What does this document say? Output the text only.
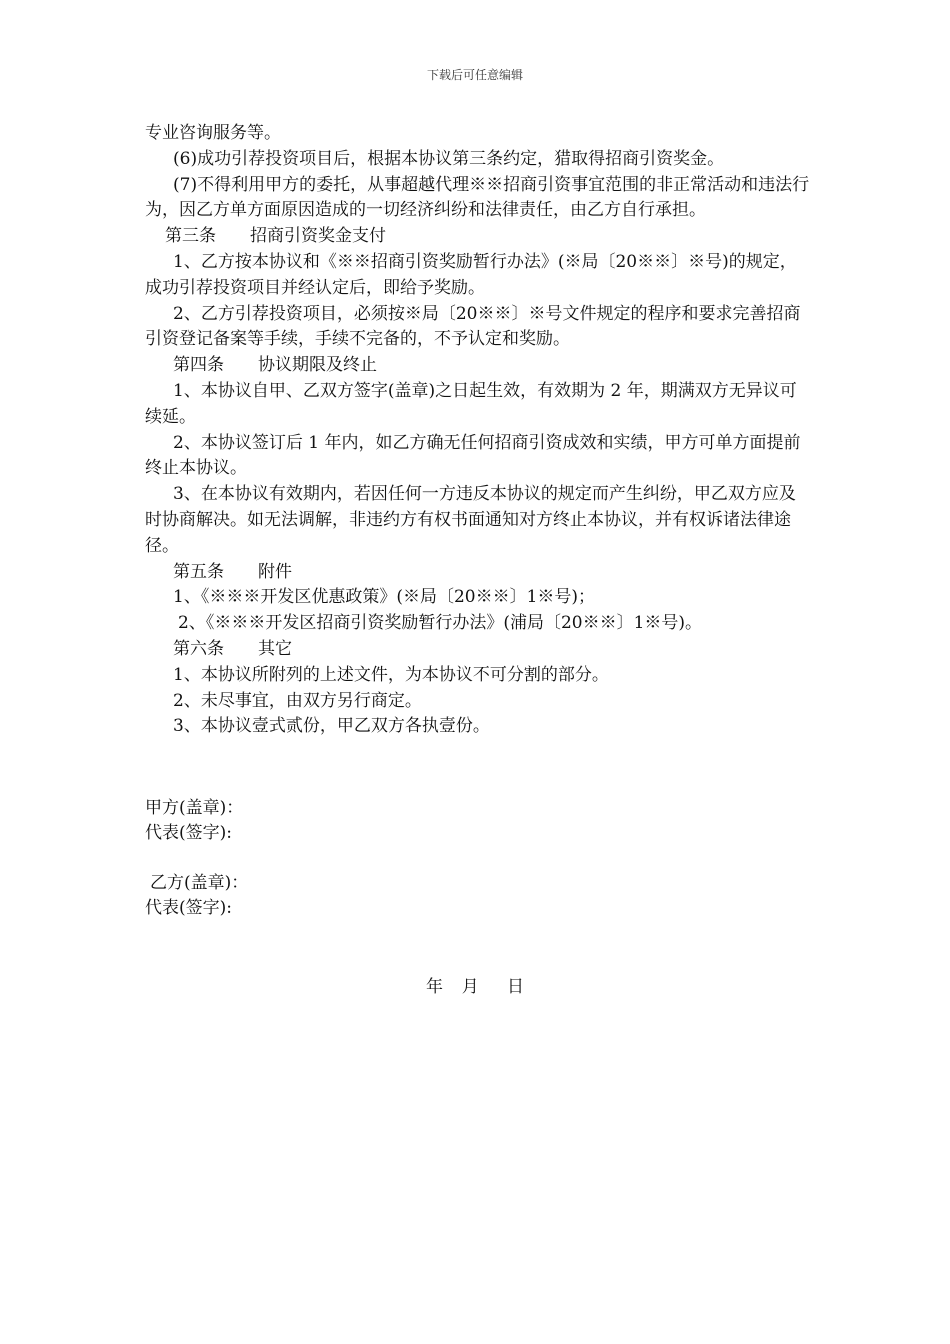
下载后可任意编辑

专业咨询服务等。

(6)成功引荐投资项目后，根据本协议第三条约定，猎取得招商引资奖金。

(7)不得利用甲方的委托，从事超越代理※※招商引资事宜范围的非正常活动和违法行为，因乙方单方面原因造成的一切经济纠纷和法律责任，由乙方自行承担。

第三条　　招商引资奖金支付

1、乙方按本协议和《※※招商引资奖励暂行办法》(※局〔20※※〕※号)的规定，成功引荐投资项目并经认定后，即给予奖励。

2、乙方引荐投资项目，必须按※局〔20※※〕※号文件规定的程序和要求完善招商引资登记备案等手续，手续不完备的，不予认定和奖励。

第四条　　协议期限及终止

1、本协议自甲、乙双方签字(盖章)之日起生效，有效期为 2 年，期满双方无异议可续延。

2、本协议签订后 1 年内，如乙方确无任何招商引资成效和实绩，甲方可单方面提前终止本协议。

3、在本协议有效期内，若因任何一方违反本协议的规定而产生纠纷，甲乙双方应及时协商解决。如无法调解，非违约方有权书面通知对方终止本协议，并有权诉诸法律途径。

第五条　　附件

1、《※※※开发区优惠政策》(※局〔20※※〕1※号)；

2、《※※※开发区招商引资奖励暂行办法》(浦局〔20※※〕1※号)。

第六条　　其它

1、本协议所附列的上述文件，为本协议不可分割的部分。

2、未尽事宜，由双方另行商定。

3、本协议壹式贰份，甲乙双方各执壹份。

甲方(盖章)：
代表(签字):
乙方(盖章)：
代表(签字):
年  月   日
